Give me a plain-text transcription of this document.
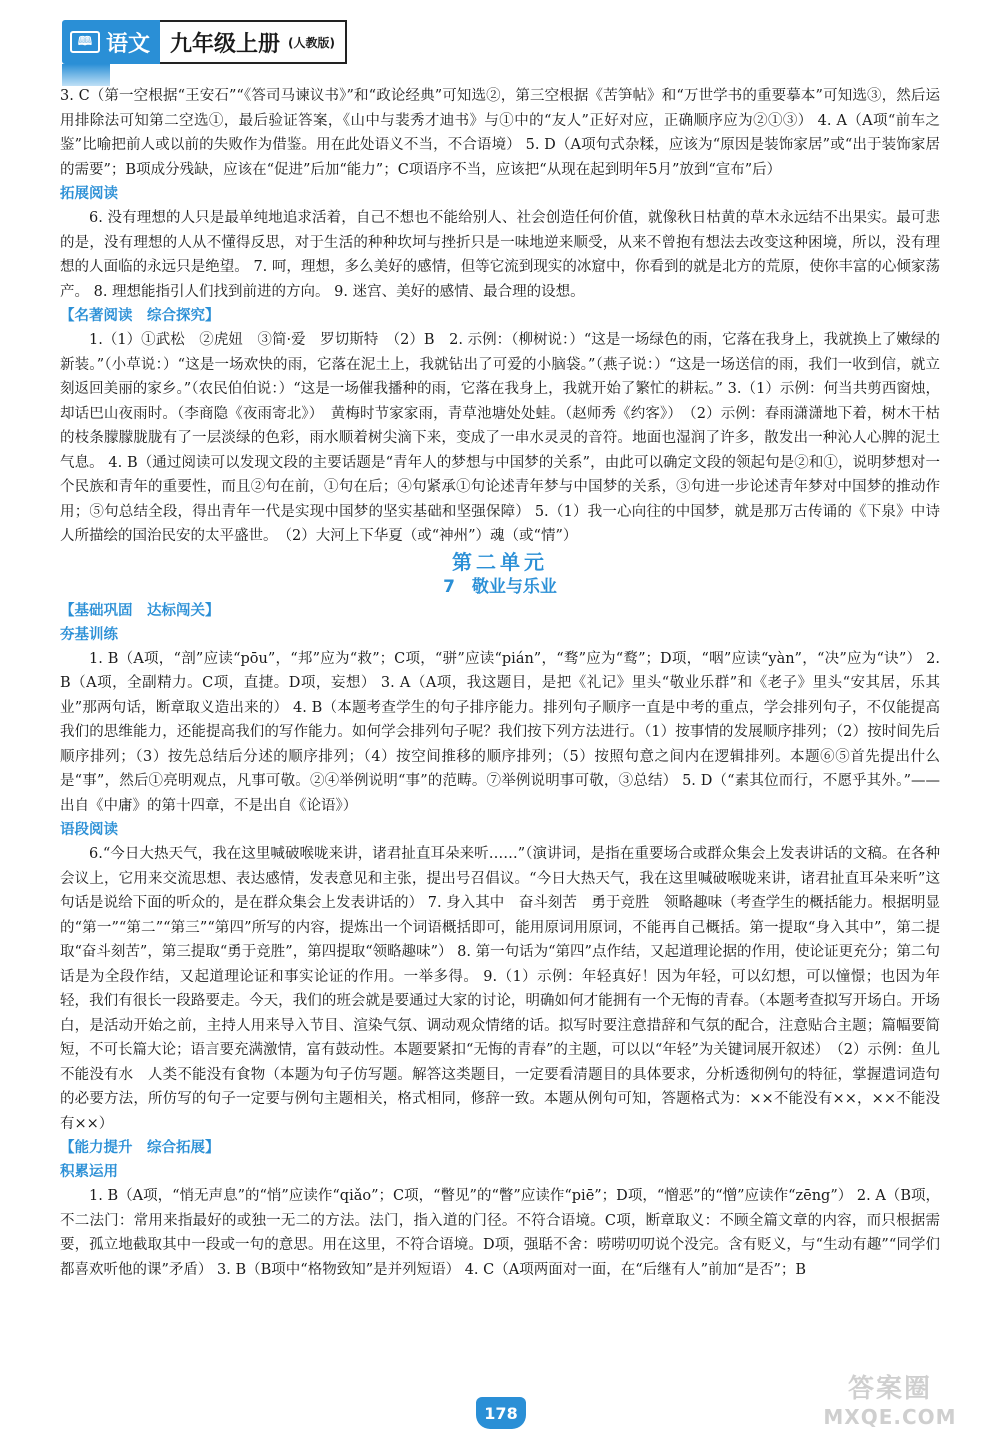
🕮 语文 九年级上册 (人教版)

3. C（第一空根据“王安石”“《答司马谏议书》”和“政论经典”可知选②，第三空根据《苦笋帖》和“万世学书的重要摹本”可知选③，然后运用排除法可知第二空选①，最后验证答案，《山中与裴秀才迪书》与①中的“友人”正好对应，正确顺序应为②①③） 4. A（A项“前车之鉴”比喻把前人或以前的失败作为借鉴。用在此处语义不当，不合语境） 5. D（A项句式杂糅，应该为“原因是装饰家居”或“出于装饰家居的需要”；B项成分残缺，应该在“促进”后加“能力”；C项语序不当，应该把“从现在起到明年5月”放到“宣布”后）

拓展阅读

6. 没有理想的人只是最单纯地追求活着，自己不想也不能给别人、社会创造任何价值，就像秋日枯黄的草木永远结不出果实。最可悲的是，没有理想的人从不懂得反思，对于生活的种种坎坷与挫折只是一味地逆来顺受，从来不曾抱有想法去改变这种困境，所以，没有理想的人面临的永远只是绝望。 7. 呵，理想，多么美好的感情，但等它流到现实的冰窟中，你看到的就是北方的荒原，使你丰富的心倾家荡产。 8. 理想能指引人们找到前进的方向。 9. 迷宫、美好的感情、最合理的设想。

【名著阅读　综合探究】

1.（1）①武松　②虎妞　③简·爱　罗切斯特　（2）B　2. 示例：（柳树说：）“这是一场绿色的雨，它落在我身上，我就换上了嫩绿的新装。”（小草说：）“这是一场欢快的雨，它落在泥土上，我就钻出了可爱的小脑袋。”（燕子说：）“这是一场送信的雨，我们一收到信，就立刻返回美丽的家乡。”（农民伯伯说：）“这是一场催我播种的雨，它落在我身上，我就开始了繁忙的耕耘。” 3.（1）示例：何当共剪西窗烛，却话巴山夜雨时。（李商隐《夜雨寄北》）　黄梅时节家家雨，青草池塘处处蛙。（赵师秀《约客》）　（2）示例：春雨潇潇地下着，树木干枯的枝条朦朦胧胧有了一层淡绿的色彩，雨水顺着树尖滴下来，变成了一串水灵灵的音符。地面也湿润了许多，散发出一种沁人心脾的泥土气息。 4. B（通过阅读可以发现文段的主要话题是“青年人的梦想与中国梦的关系”，由此可以确定文段的领起句是②和①，说明梦想对一个民族和青年的重要性，而且②句在前，①句在后；④句紧承①句论述青年梦与中国梦的关系，③句进一步论述青年梦对中国梦的推动作用；⑤句总结全段，得出青年一代是实现中国梦的坚实基础和坚强保障） 5.（1）我一心向往的中国梦，就是那万古传诵的《下泉》中诗人所描绘的国治民安的太平盛世。　（2）大河上下华夏（或“神州”）魂（或“情”）

第二单元

7　敬业与乐业

【基础巩固　达标闯关】

夯基训练

1. B（A项，“剖”应读“pōu”，“邦”应为“救”；C项，“骈”应读“pián”，“骛”应为“鹜”；D项，“咽”应读“yàn”，“决”应为“诀”） 2. B（A项，全副精力。C项，直捷。D项，妄想） 3. A（A项，我这题目，是把《礼记》里头“敬业乐群”和《老子》里头“安其居，乐其业”那两句话，断章取义造出来的） 4. B（本题考查学生的句子排序能力。排列句子顺序一直是中考的重点，学会排列句子，不仅能提高我们的思维能力，还能提高我们的写作能力。如何学会排列句子呢？我们按下列方法进行。（1）按事情的发展顺序排列；（2）按时间先后顺序排列；（3）按先总结后分述的顺序排列；（4）按空间推移的顺序排列；（5）按照句意之间内在逻辑排列。本题⑥⑤首先提出什么是“事”，然后①亮明观点，凡事可敬。②④举例说明“事”的范畴。⑦举例说明事可敬，③总结） 5. D（“素其位而行，不愿乎其外。”——出自《中庸》的第十四章，不是出自《论语》）

语段阅读

6.“今日大热天气，我在这里喊破喉咙来讲，诸君扯直耳朵来听……”（演讲词，是指在重要场合或群众集会上发表讲话的文稿。在各种会议上，它用来交流思想、表达感情，发表意见和主张，提出号召倡议。“今日大热天气，我在这里喊破喉咙来讲，诸君扯直耳朵来听”这句话是说给下面的听众的，是在群众集会上发表讲话的） 7. 身入其中　奋斗刻苦　勇于竞胜　领略趣味（考查学生的概括能力。根据明显的“第一”“第二”“第三”“第四”所写的内容，提炼出一个词语概括即可，能用原词用原词，不能再自己概括。第一提取“身入其中”，第二提取“奋斗刻苦”，第三提取“勇于竞胜”，第四提取“领略趣味”） 8. 第一句话为“第四”点作结，又起道理论据的作用，使论证更充分；第二句话是为全段作结，又起道理论证和事实论证的作用。一举多得。 9.（1）示例：年轻真好！因为年轻，可以幻想，可以憧憬；也因为年轻，我们有很长一段路要走。今天，我们的班会就是要通过大家的讨论，明确如何才能拥有一个无悔的青春。（本题考查拟写开场白。开场白，是活动开始之前，主持人用来导入节目、渲染气氛、调动观众情绪的话。拟写时要注意措辞和气氛的配合，注意贴合主题；篇幅要简短，不可长篇大论；语言要充满激情，富有鼓动性。本题要紧扣“无悔的青春”的主题，可以以“年轻”为关键词展开叙述）　（2）示例：鱼儿不能没有水　人类不能没有食物（本题为句子仿写题。解答这类题目，一定要看清题目的具体要求，分析透彻例句的特征，掌握遣词造句的必要方法，所仿写的句子一定要与例句主题相关，格式相同，修辞一致。本题从例句可知，答题格式为：××不能没有××，××不能没有××）

【能力提升　综合拓展】

积累运用

1. B（A项，“悄无声息”的“悄”应读作“qiǎo”；C项，“瞥见”的“瞥”应读作“piē”；D项，“憎恶”的“憎”应读作“zēng”） 2. A（B项，不二法门：常用来指最好的或独一无二的方法。法门，指入道的门径。不符合语境。C项，断章取义：不顾全篇文章的内容，而只根据需要，孤立地截取其中一段或一句的意思。用在这里，不符合语境。D项，强聒不舍：唠唠叨叨说个没完。含有贬义，与“生动有趣”“同学们都喜欢听他的课”矛盾） 3. B（B项中“格物致知”是并列短语） 4. C（A项两面对一面，在“后继有人”前加“是否”；B

178
答案圈
MXQE.COM
